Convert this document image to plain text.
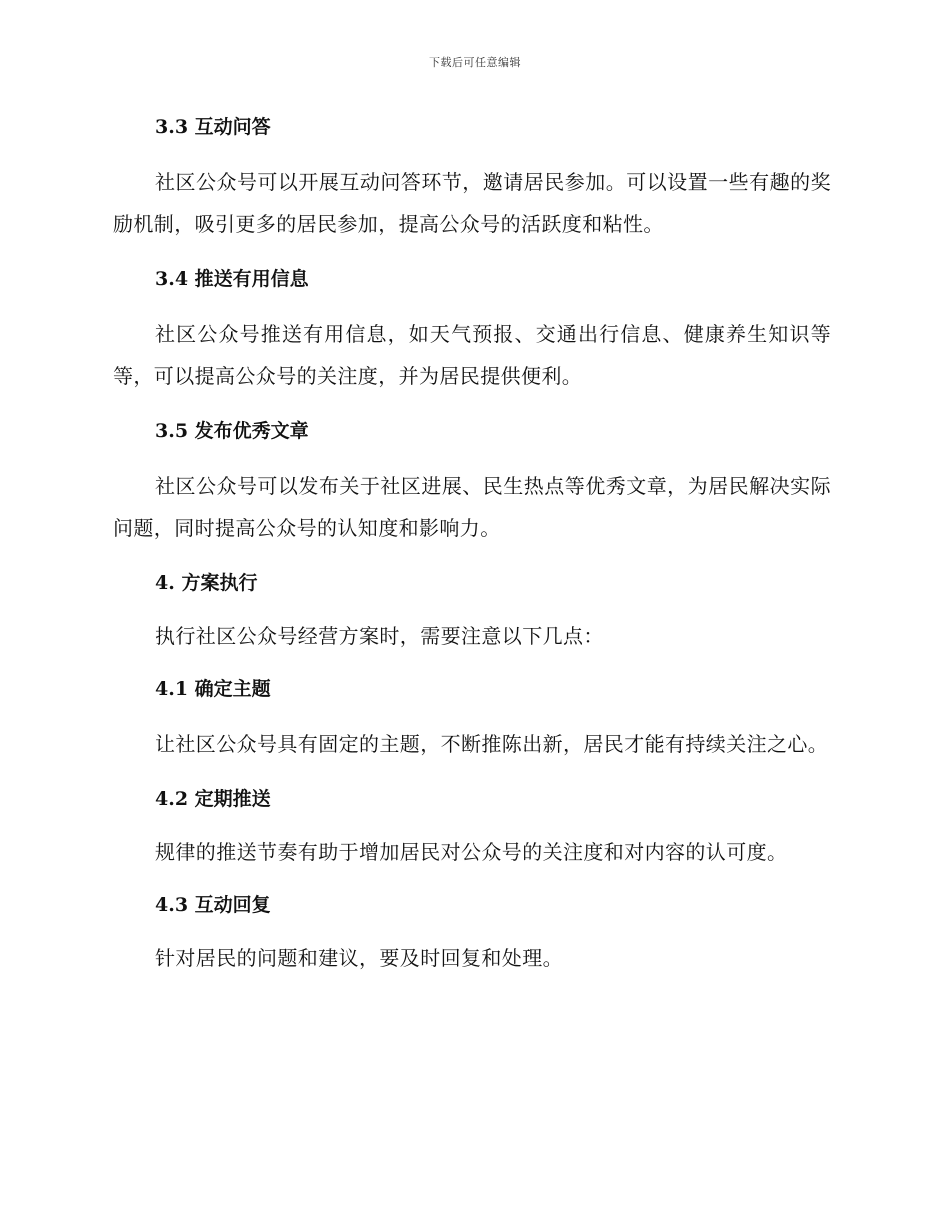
下载后可任意编辑
3.3 互动问答
社区公众号可以开展互动问答环节，邀请居民参加。可以设置一些有趣的奖励机制，吸引更多的居民参加，提高公众号的活跃度和粘性。
3.4 推送有用信息
社区公众号推送有用信息，如天气预报、交通出行信息、健康养生知识等等，可以提高公众号的关注度，并为居民提供便利。
3.5 发布优秀文章
社区公众号可以发布关于社区进展、民生热点等优秀文章，为居民解决实际问题，同时提高公众号的认知度和影响力。
4. 方案执行
执行社区公众号经营方案时，需要注意以下几点：
4.1 确定主题
让社区公众号具有固定的主题，不断推陈出新，居民才能有持续关注之心。
4.2 定期推送
规律的推送节奏有助于增加居民对公众号的关注度和对内容的认可度。
4.3 互动回复
针对居民的问题和建议，要及时回复和处理。
